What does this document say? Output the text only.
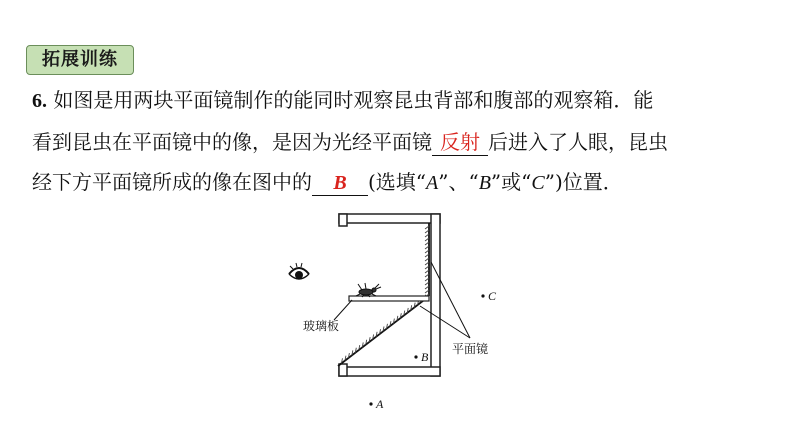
拓展训练
6. 如图是用两块平面镜制作的能同时观察昆虫背部和腹部的观察箱．能
看到昆虫在平面镜中的像，是因为光经平面镜 反射 后进入了人眼，昆虫
经下方平面镜所成的像在图中的 B (选填“A”、“B”或“C”)位置．
玻璃板
平面镜
C
B
A
